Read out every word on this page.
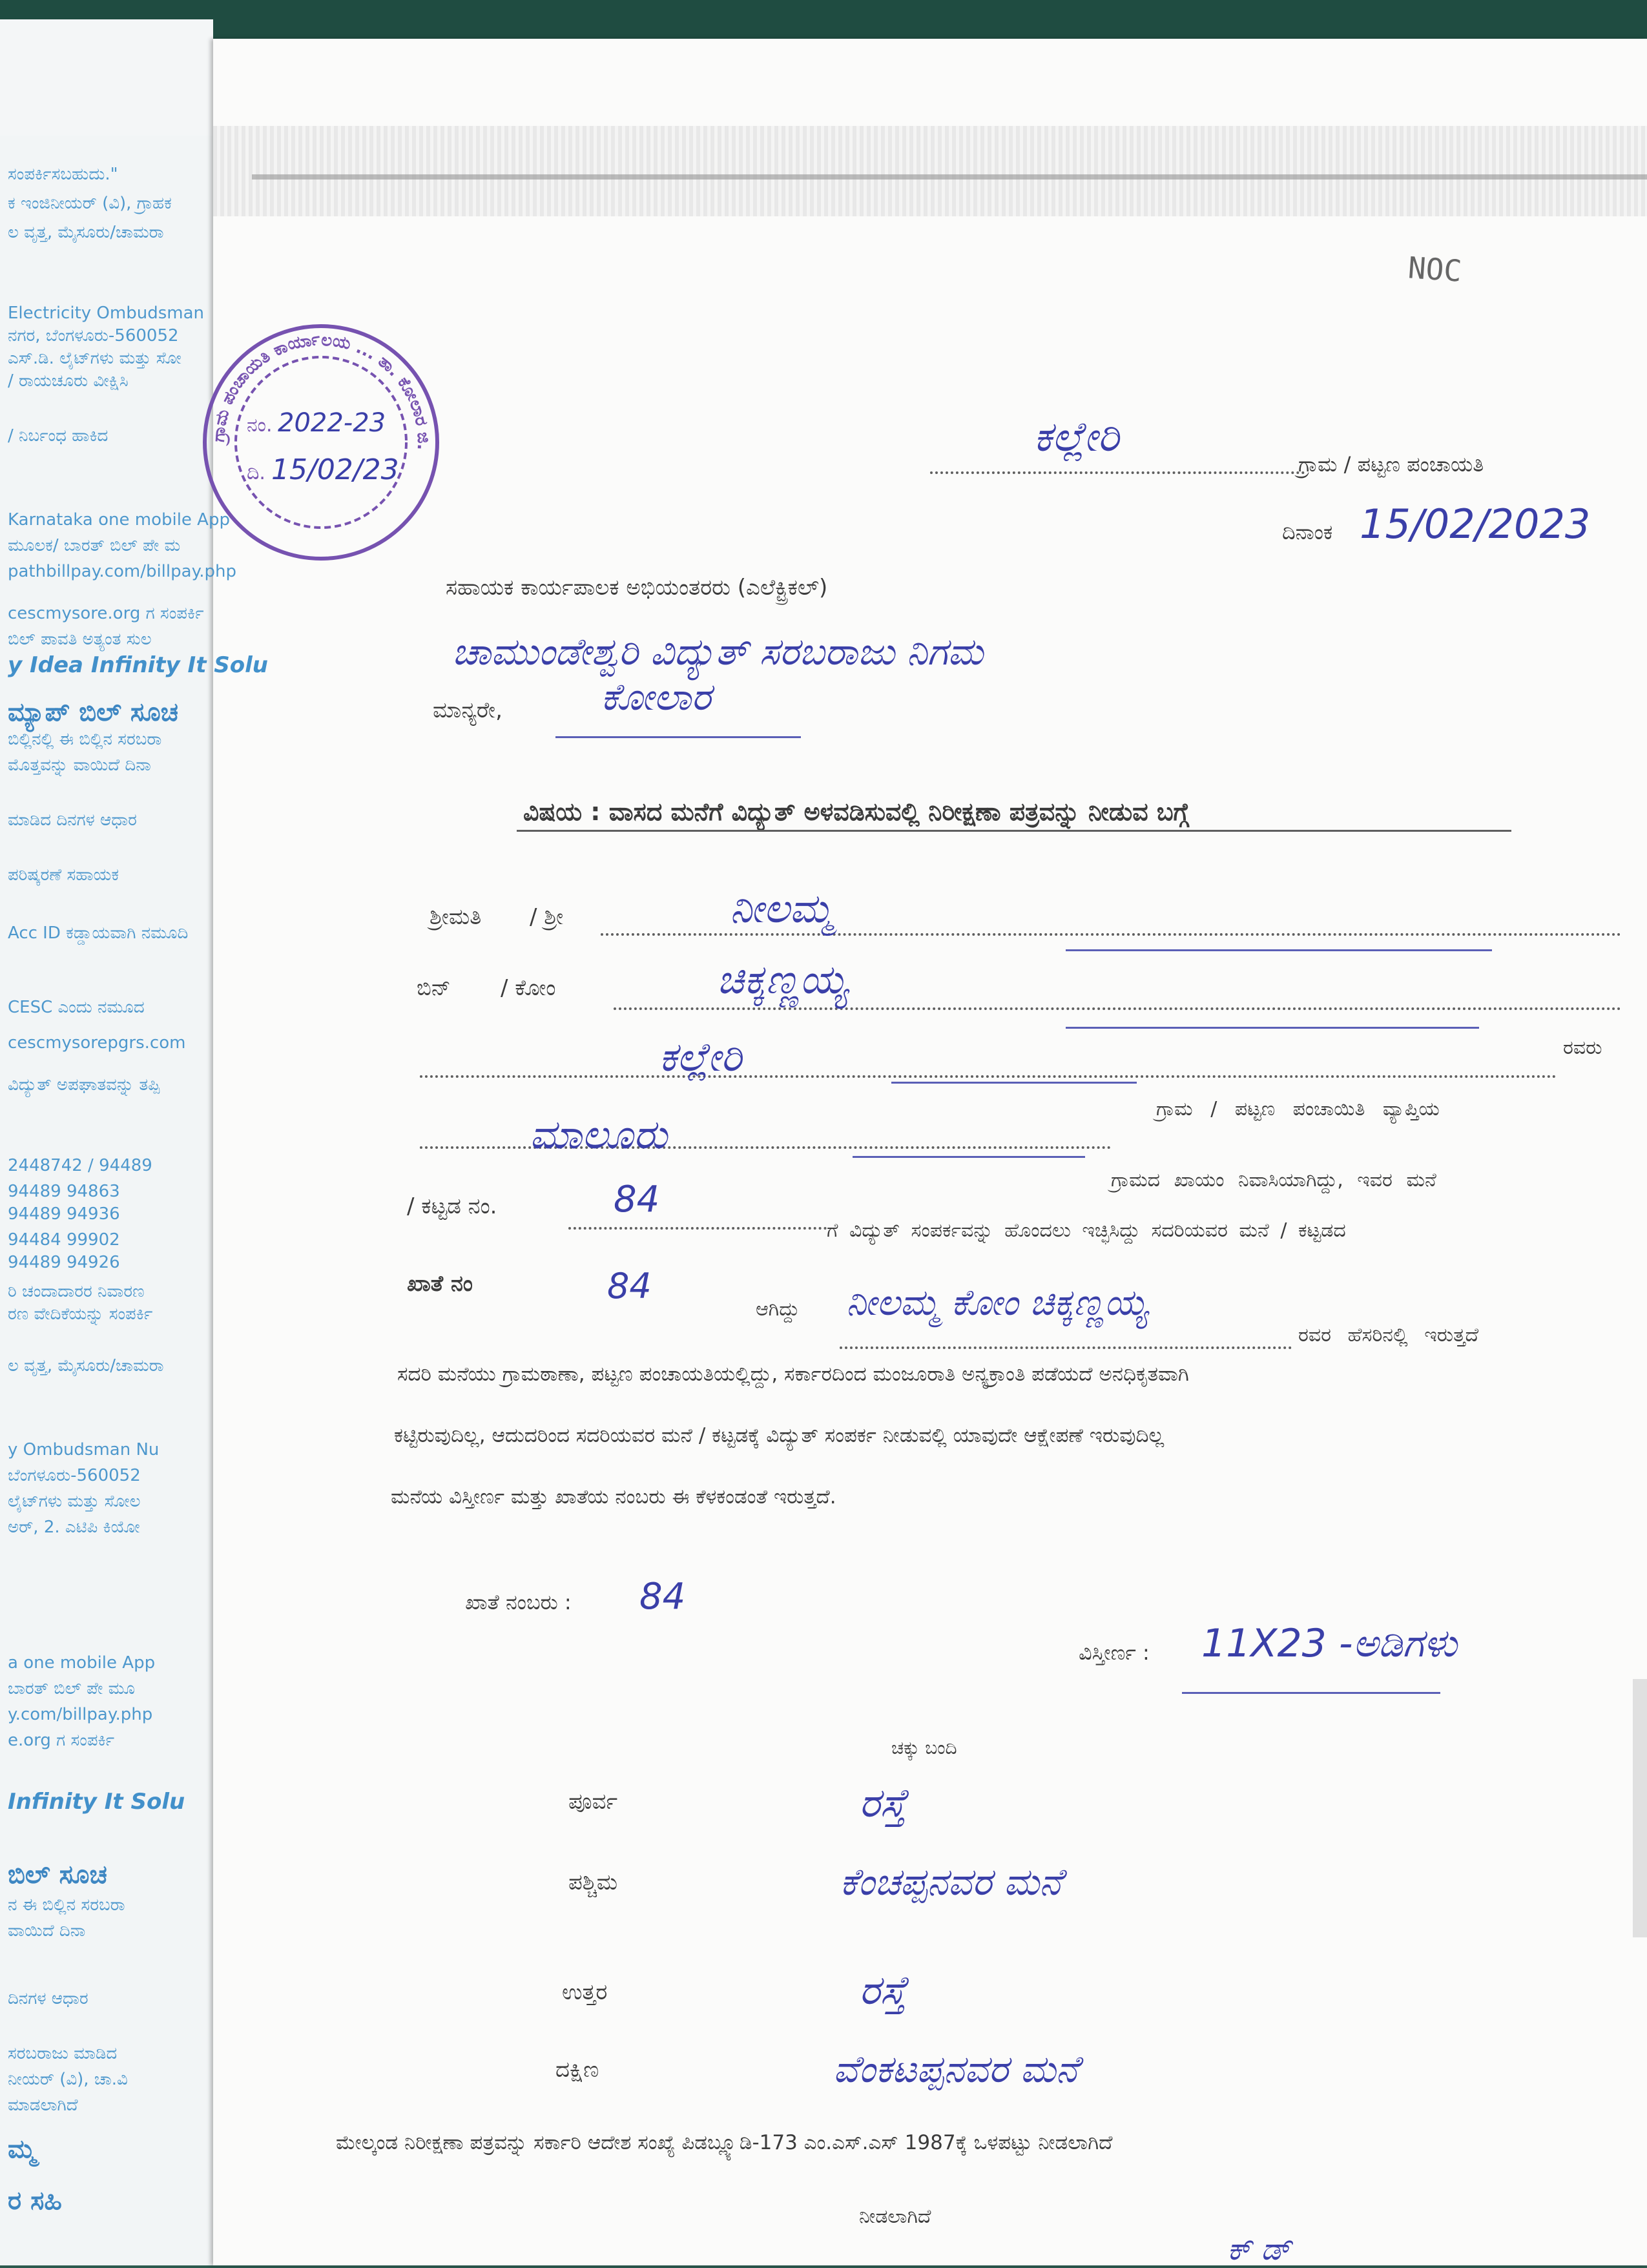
NOC
ಗ್ರಾಮ ಪಂಚಾಯತಿ ಕಾರ್ಯಾಲಯ ... ತಾ. ಕೋಲಾರ ಜಿ.
ನಂ. 2022-23
ದಿ. 15/02/23
ಕಲ್ಲೇರಿ
ಗ್ರಾಮ / ಪಟ್ಟಣ ಪಂಚಾಯತಿ
ದಿನಾಂಕ 15/02/2023
ಸಹಾಯಕ ಕಾರ್ಯಪಾಲಕ ಅಭಿಯಂತರರು (ಎಲೆಕ್ಟ್ರಿಕಲ್)
ಚಾಮುಂಡೇಶ್ವರಿ ವಿದ್ಯುತ್ ಸರಬರಾಜು ನಿಗಮ
ಮಾನ್ಯರೇ,	ಕೋಲಾರ
ವಿಷಯ : ವಾಸದ ಮನೆಗೆ ವಿದ್ಯುತ್ ಅಳವಡಿಸುವಲ್ಲಿ ನಿರೀಕ್ಷಣಾ ಪತ್ರವನ್ನು ನೀಡುವ ಬಗ್ಗೆ
ಶ್ರೀಮತಿ / ಶ್ರೀ	ನೀಲಮ್ಮ
ಬಿನ್ / ಕೋಂ	ಚಿಕ್ಕಣ್ಣಯ್ಯ
ರವರು
ಕಲ್ಲೇರಿ
ಗ್ರಾಮ / ಪಟ್ಟಣ ಪಂಚಾಯಿತಿ ವ್ಯಾಪ್ತಿಯ
ಮಾಲೂರು
ಗ್ರಾಮದ ಖಾಯಂ ನಿವಾಸಿಯಾಗಿದ್ದು, ಇವರ ಮನೆ
/ ಕಟ್ಟಡ ನಂ.	84
ಗೆ ವಿದ್ಯುತ್ ಸಂಪರ್ಕವನ್ನು ಹೊಂದಲು ಇಚ್ಛಿಸಿದ್ದು ಸದರಿಯವರ ಮನೆ / ಕಟ್ಟಡದ
ಖಾತೆ ನಂ	84
ಆಗಿದ್ದು ನೀಲಮ್ಮ ಕೋಂ ಚಿಕ್ಕಣ್ಣಯ್ಯ
ರವರ ಹೆಸರಿನಲ್ಲಿ ಇರುತ್ತದೆ
ಸದರಿ ಮನೆಯು ಗ್ರಾಮಠಾಣಾ, ಪಟ್ಟಣ ಪಂಚಾಯತಿಯಲ್ಲಿದ್ದು, ಸರ್ಕಾರದಿಂದ ಮಂಜೂರಾತಿ ಅನ್ಯಕ್ರಾಂತಿ ಪಡೆಯದೆ ಅನಧಿಕೃತವಾಗಿ
ಕಟ್ಟಿರುವುದಿಲ್ಲ, ಆದುದರಿಂದ ಸದರಿಯವರ ಮನೆ / ಕಟ್ಟಡಕ್ಕೆ ವಿದ್ಯುತ್ ಸಂಪರ್ಕ ನೀಡುವಲ್ಲಿ ಯಾವುದೇ ಆಕ್ಷೇಪಣೆ ಇರುವುದಿಲ್ಲ
ಮನೆಯ ವಿಸ್ತೀರ್ಣ ಮತ್ತು ಖಾತೆಯ ನಂಬರು ಈ ಕೆಳಕಂಡಂತೆ ಇರುತ್ತದೆ.
ಖಾತೆ ನಂಬರು : 84
ವಿಸ್ತೀರ್ಣ : 11X23 -ಅಡಿಗಳು
ಚಕ್ಕು ಬಂದಿ
ಪೂರ್ವ	ರಸ್ತೆ
ಪಶ್ಚಿಮ	ಕೆಂಚಪ್ಪನವರ ಮನೆ
ಉತ್ತರ	ರಸ್ತೆ
ದಕ್ಷಿಣ	ವೆಂಕಟಪ್ಪನವರ ಮನೆ
ಮೇಲ್ಕಂಡ ನಿರೀಕ್ಷಣಾ ಪತ್ರವನ್ನು ಸರ್ಕಾರಿ ಆದೇಶ ಸಂಖ್ಯೆ ಪಿಡಬ್ಲ್ಯೂಡಿ-173 ಎಂ.ಎಸ್.ಎಸ್ 1987ಕ್ಕೆ ಒಳಪಟ್ಟು ನೀಡಲಾಗಿದೆ
ನೀಡಲಾಗಿದೆ
ಕ್ ಡ್
ಸಂಪರ್ಕಿಸಬಹುದು."
ಕ ಇಂಜಿನೀಯರ್ (ವಿ), ಗ್ರಾಹಕ
ಲ ವೃತ್ತ, ಮೈಸೂರು/ಚಾಮರಾ
Electricity Ombudsman
ನಗರ, ಬೆಂಗಳೂರು-560052
ಎಸ್.ಡಿ. ಲೈಟ್‌ಗಳು ಮತ್ತು ಸೋ
/ ರಾಯಚೂರು ವೀಕ್ಷಿಸಿ
/ ನಿರ್ಬಂಧ ಹಾಕಿದ
Karnataka one mobile App
ಮೂಲಕ/ ಬಾರತ್ ಬಿಲ್ ಪೇ ಮ
pathbillpay.com/billpay.php
cescmysore.org ಗ ಸಂಪರ್ಕಿ
ಬಿಲ್ ಪಾವತಿ ಅತ್ಯಂತ ಸುಲ
y Idea Infinity It Solu
ಮ್ಯಾಪ್ ಬಿಲ್ ಸೂಚ
ಬಿಲ್ಲಿನಲ್ಲಿ ಈ ಬಿಲ್ಲಿನ ಸರಬರಾ
ಮೊತ್ತವನ್ನು ವಾಯಿದೆ ದಿನಾ
ಮಾಡಿದ ದಿನಗಳ ಆಧಾರ
ಪರಿಷ್ಕರಣೆ ಸಹಾಯಕ
Acc ID ಕಡ್ಡಾಯವಾಗಿ ನಮೂದಿ
CESC ಎಂದು ನಮೂದ
cescmysorepgrs.com
ವಿದ್ಯುತ್ ಅಪಘಾತವನ್ನು ತಪ್ಪಿ
2448742 / 94489
94489 94863
94489 94936
94484 99902
94489 94926
ರಿ ಚಂದಾದಾರರ ನಿವಾರಣ
ರಣ ವೇದಿಕೆಯನ್ನು ಸಂಪರ್ಕಿ
ಲ ವೃತ್ತ, ಮೈಸೂರು/ಚಾಮರಾ
y Ombudsman Nu
ಬೆಂಗಳೂರು-560052
ಲೈಟ್‌ಗಳು ಮತ್ತು ಸೋಲ
ಅರ್, 2. ಎಟಿಪಿ ಕಿಯೋ
a one mobile App
ಬಾರತ್ ಬಿಲ್ ಪೇ ಮೂ
y.com/billpay.php
e.org ಗ ಸಂಪರ್ಕಿ
Infinity It Solu
ಬಿಲ್ ಸೂಚ
ನ ಈ ಬಿಲ್ಲಿನ ಸರಬರಾ
ವಾಯಿದೆ ದಿನಾ
ದಿನಗಳ ಆಧಾರ
ಸರಬರಾಜು ಮಾಡಿದ
ನೀಯರ್ (ವಿ), ಚಾ.ವಿ
ಮಾಡಲಾಗಿದೆ
ಮ್ಮ
ರ ಸಹಿ
